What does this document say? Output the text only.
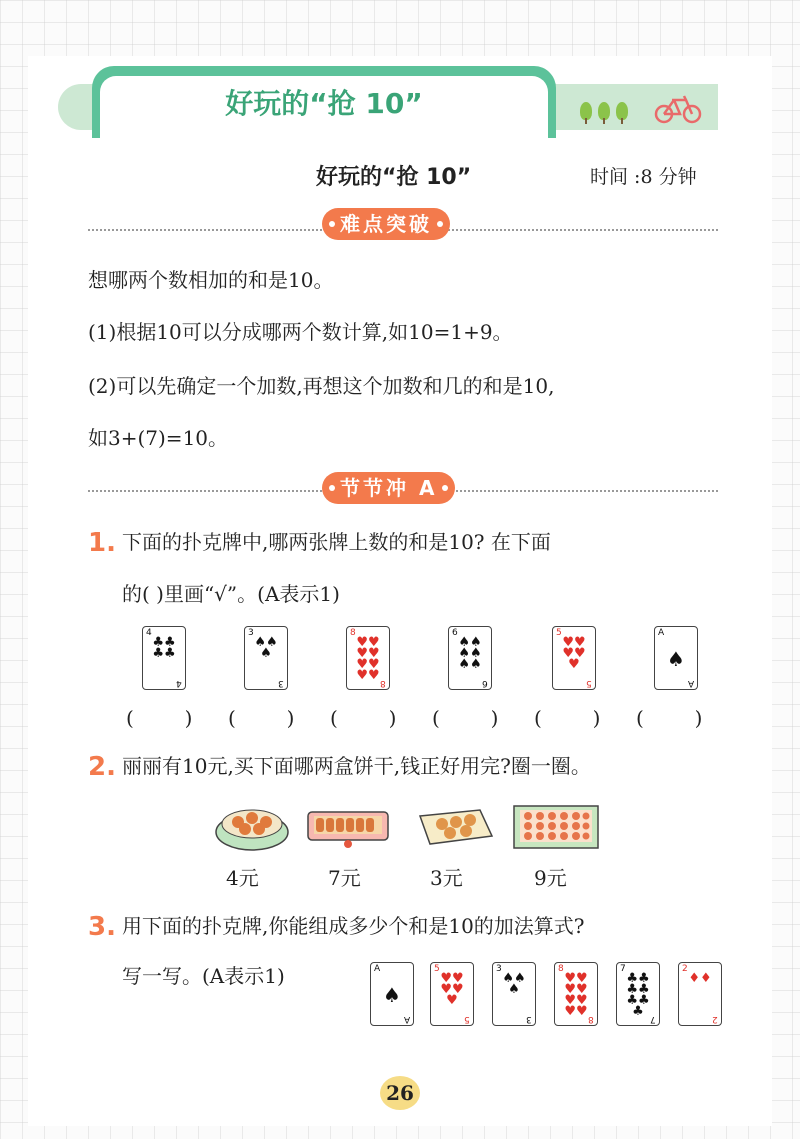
好玩的“抢 10”
好玩的“抢 10”	时间 :8 分钟
难点突破
想哪两个数相加的和是10。
(1)根据10可以分成哪两个数计算,如10=1+9。
(2)可以先确定一个加数,再想这个加数和几的和是10,
如3+(7)=10。
节节冲 A
1. 下面的扑克牌中,哪两张牌上数的和是10? 在下面
的( )里画“√”。(A表示1)
4
♣♣♣♣
4
3
♠♠♠
3
8
♥♥♥♥♥♥♥♥ 8
6
♠♠♠♠♠♠
6
5
♥♥♥♥♥
5
A
♠
A
(        ) (        ) (        ) (        ) (        ) (        )
2. 丽丽有10元,买下面哪两盒饼干,钱正好用完?圈一圈。
4元	7元	3元	9元
3. 用下面的扑克牌,你能组成多少个和是10的加法算式?
写一写。(A表示1)	A
♠
A
5
♥♥♥♥♥
5
3
♠♠♠
3
8
♥♥♥♥♥♥♥♥ 8
7
♣♣♣♣♣♣♣ 7
2
♦♦
2
26
